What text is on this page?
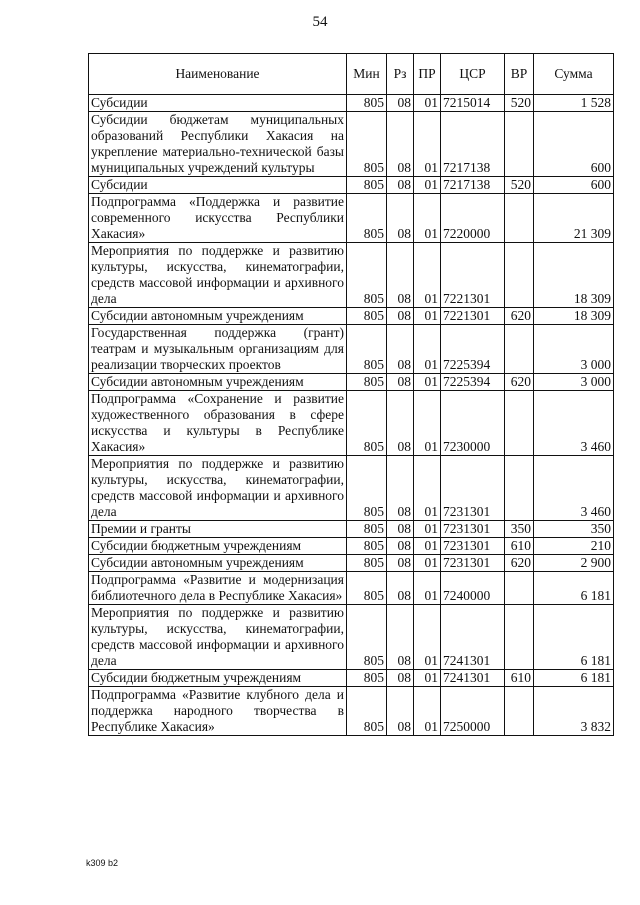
54
Наименование	Мин	Рз	ПР	ЦСР	ВР	Сумма
Субсидии	805	08	01	7215014	520	1 528
Субсидии бюджетам муниципальных образований Республики Хакасия на укрепление материально-технической базы муниципальных учреждений культуры	805	08	01	7217138		600
Субсидии	805	08	01	7217138	520	600
Подпрограмма «Поддержка и развитие современного искусства Республики Хакасия»	805	08	01	7220000		21 309
Мероприятия по поддержке и развитию культуры, искусства, кинематографии, средств массовой информации и архивного дела	805	08	01	7221301		18 309
Субсидии автономным учреждениям	805	08	01	7221301	620	18 309
Государственная поддержка (грант) театрам и музыкальным организациям для реализации творческих проектов	805	08	01	7225394		3 000
Субсидии автономным учреждениям	805	08	01	7225394	620	3 000
Подпрограмма «Сохранение и развитие художественного образования в сфере искусства и культуры в Республике Хакасия»	805	08	01	7230000		3 460
Мероприятия по поддержке и развитию культуры, искусства, кинематографии, средств массовой информации и архивного дела	805	08	01	7231301		3 460
Премии и гранты	805	08	01	7231301	350	350
Субсидии бюджетным учреждениям	805	08	01	7231301	610	210
Субсидии автономным учреждениям	805	08	01	7231301	620	2 900
Подпрограмма «Развитие и модернизация библиотечного дела в Республике Хакасия»	805	08	01	7240000		6 181
Мероприятия по поддержке и развитию культуры, искусства, кинематографии, средств массовой информации и архивного дела	805	08	01	7241301		6 181
Субсидии бюджетным учреждениям	805	08	01	7241301	610	6 181
Подпрограмма «Развитие клубного дела и поддержка народного творчества в Республике Хакасия»	805	08	01	7250000		3 832
k309 b2
